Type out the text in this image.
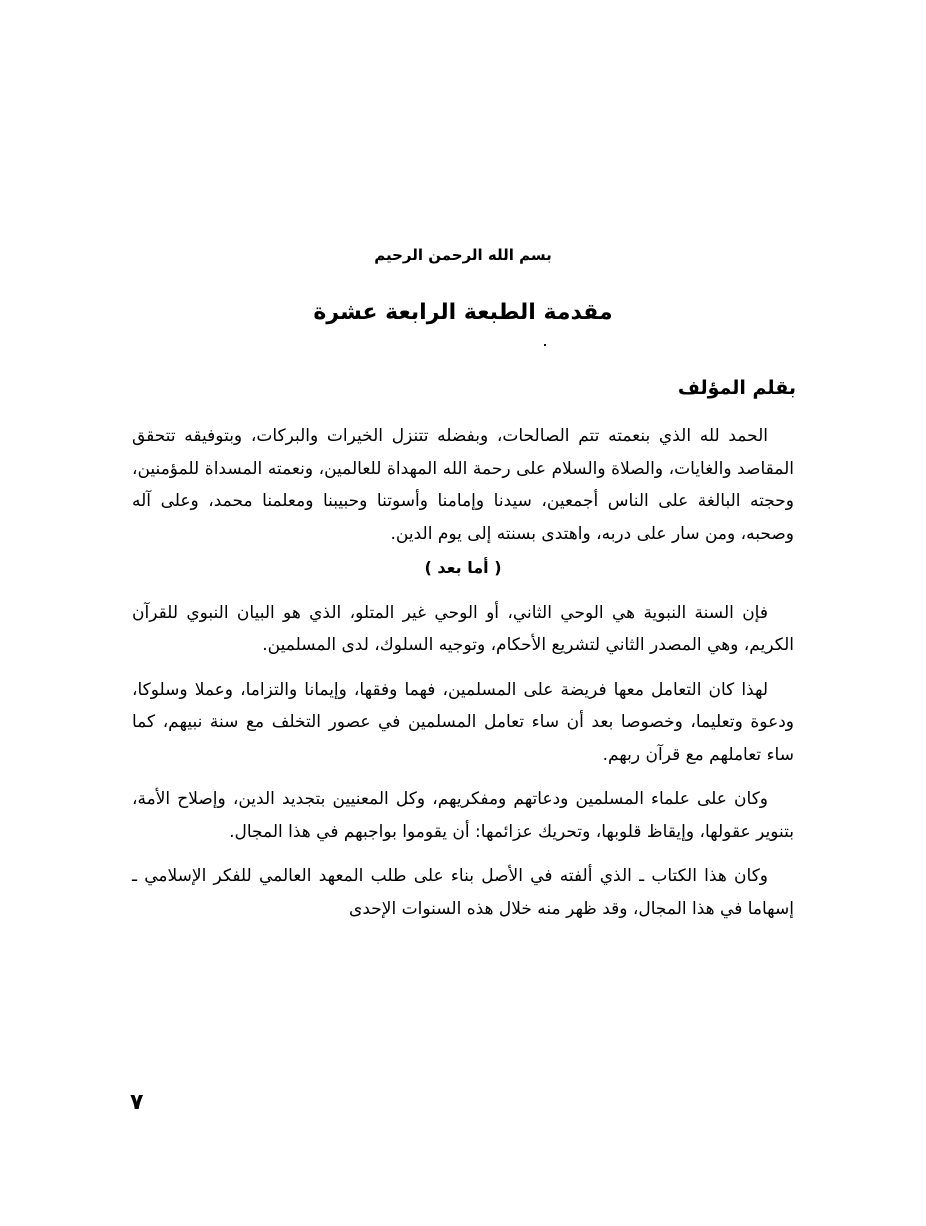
بسم الله الرحمن الرحيم
مقدمة الطبعة الرابعة عشرة
بقلم المؤلف

الحمد لله الذي بنعمته تتم الصالحات، وبفضله تتنزل الخيرات والبركات، وبتوفيقه تتحقق المقاصد والغايات، والصلاة والسلام على رحمة الله المهداة للعالمين، ونعمته المسداة للمؤمنين، وحجته البالغة على الناس أجمعين، سيدنا وإمامنا وأسوتنا وحبيبنا ومعلمنا محمد، وعلى آله وصحبه، ومن سار على دربه، واهتدى بسنته إلى يوم الدين.

( أما بعد )

فإن السنة النبوية هي الوحي الثاني، أو الوحي غير المتلو، الذي هو البيان النبوي للقرآن الكريم، وهي المصدر الثاني لتشريع الأحكام، وتوجيه السلوك، لدى المسلمين.

لهذا كان التعامل معها فريضة على المسلمين، فهما وفقها، وإيمانا والتزاما، وعملا وسلوكا، ودعوة وتعليما، وخصوصا بعد أن ساء تعامل المسلمين في عصور التخلف مع سنة نبيهم، كما ساء تعاملهم مع قرآن ربهم.

وكان على علماء المسلمين ودعاتهم ومفكريهم، وكل المعنيين بتجديد الدين، وإصلاح الأمة، بتنوير عقولها، وإيقاظ قلوبها، وتحريك عزائمها: أن يقوموا بواجبهم في هذا المجال.

وكان هذا الكتاب ـ الذي ألفته في الأصل بناء على طلب المعهد العالمي للفكر الإسلامي ـ إسهاما في هذا المجال، وقد ظهر منه خلال هذه السنوات الإحدى

٧
